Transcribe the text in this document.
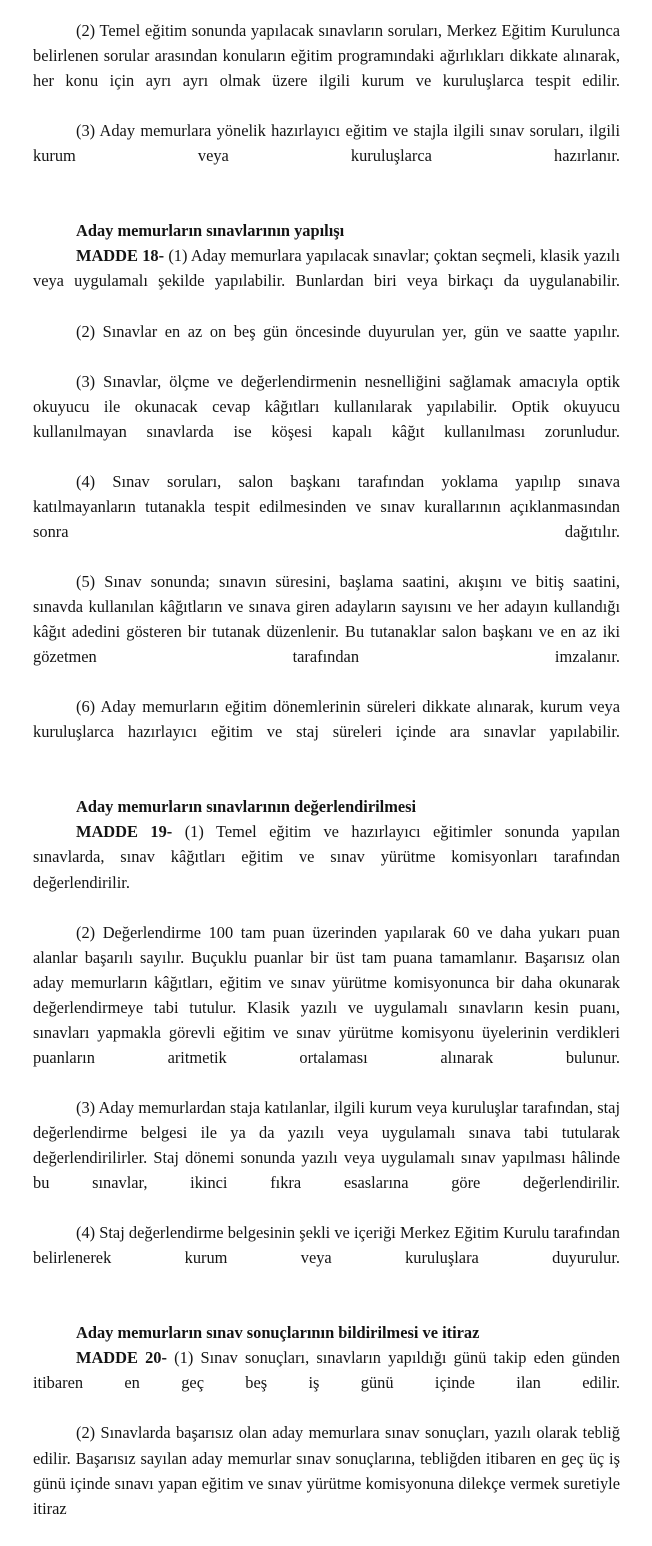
(2) Temel eğitim sonunda yapılacak sınavların soruları, Merkez Eğitim Kurulunca belirlenen sorular arasından konuların eğitim programındaki ağırlıkları dikkate alınarak, her konu için ayrı ayrı olmak üzere ilgili kurum ve kuruluşlarca tespit edilir.

(3) Aday memurlara yönelik hazırlayıcı eğitim ve stajla ilgili sınav soruları, ilgili kurum veya kuruluşlarca hazırlanır.

Aday memurların sınavlarının yapılışı

MADDE 18- (1) Aday memurlara yapılacak sınavlar; çoktan seçmeli, klasik yazılı veya uygulamalı şekilde yapılabilir. Bunlardan biri veya birkaçı da uygulanabilir.

(2) Sınavlar en az on beş gün öncesinde duyurulan yer, gün ve saatte yapılır.

(3) Sınavlar, ölçme ve değerlendirmenin nesnelliğini sağlamak amacıyla optik okuyucu ile okunacak cevap kâğıtları kullanılarak yapılabilir. Optik okuyucu kullanılmayan sınavlarda ise köşesi kapalı kâğıt kullanılması zorunludur.

(4) Sınav soruları, salon başkanı tarafından yoklama yapılıp sınava katılmayanların tutanakla tespit edilmesinden ve sınav kurallarının açıklanmasından sonra dağıtılır.

(5) Sınav sonunda; sınavın süresini, başlama saatini, akışını ve bitiş saatini, sınavda kullanılan kâğıtların ve sınava giren adayların sayısını ve her adayın kullandığı kâğıt adedini gösteren bir tutanak düzenlenir. Bu tutanaklar salon başkanı ve en az iki gözetmen tarafından imzalanır.

(6) Aday memurların eğitim dönemlerinin süreleri dikkate alınarak, kurum veya kuruluşlarca hazırlayıcı eğitim ve staj süreleri içinde ara sınavlar yapılabilir.

Aday memurların sınavlarının değerlendirilmesi

MADDE 19- (1) Temel eğitim ve hazırlayıcı eğitimler sonunda yapılan sınavlarda, sınav kâğıtları eğitim ve sınav yürütme komisyonları tarafından değerlendirilir.

(2) Değerlendirme 100 tam puan üzerinden yapılarak 60 ve daha yukarı puan alanlar başarılı sayılır. Buçuklu puanlar bir üst tam puana tamamlanır. Başarısız olan aday memurların kâğıtları, eğitim ve sınav yürütme komisyonunca bir daha okunarak değerlendirmeye tabi tutulur. Klasik yazılı ve uygulamalı sınavların kesin puanı, sınavları yapmakla görevli eğitim ve sınav yürütme komisyonu üyelerinin verdikleri puanların aritmetik ortalaması alınarak bulunur.

(3) Aday memurlardan staja katılanlar, ilgili kurum veya kuruluşlar tarafından, staj değerlendirme belgesi ile ya da yazılı veya uygulamalı sınava tabi tutularak değerlendirilirler. Staj dönemi sonunda yazılı veya uygulamalı sınav yapılması hâlinde bu sınavlar, ikinci fıkra esaslarına göre değerlendirilir.

(4) Staj değerlendirme belgesinin şekli ve içeriği Merkez Eğitim Kurulu tarafından belirlenerek kurum veya kuruluşlara duyurulur.

Aday memurların sınav sonuçlarının bildirilmesi ve itiraz

MADDE 20- (1) Sınav sonuçları, sınavların yapıldığı günü takip eden günden itibaren en geç beş iş günü içinde ilan edilir.

(2) Sınavlarda başarısız olan aday memurlara sınav sonuçları, yazılı olarak tebliğ edilir. Başarısız sayılan aday memurlar sınav sonuçlarına, tebliğden itibaren en geç üç iş günü içinde sınavı yapan eğitim ve sınav yürütme komisyonuna dilekçe vermek suretiyle itiraz
